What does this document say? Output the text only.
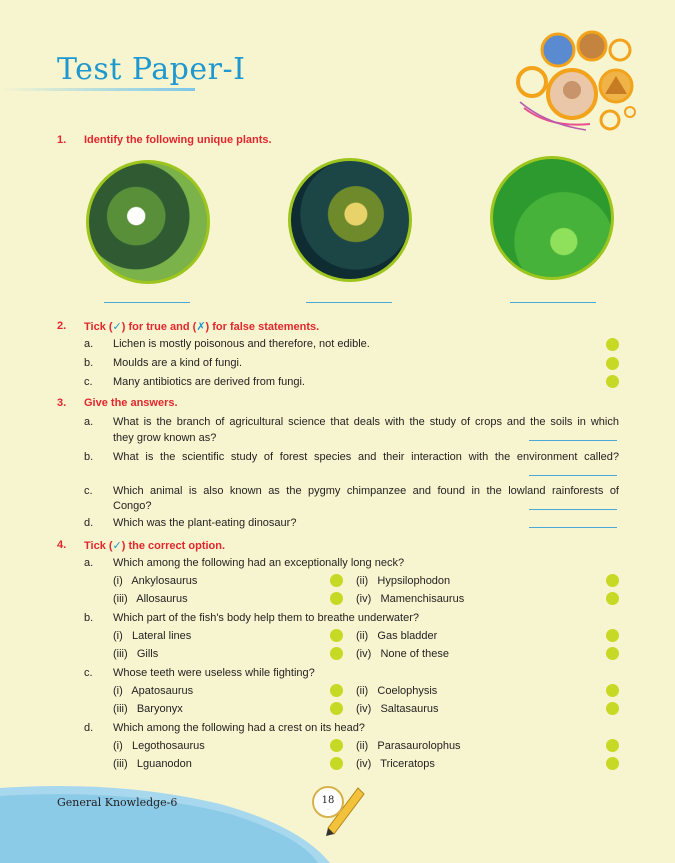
Test Paper-I
1. Identify the following unique plants.
2. Tick (✓) for true and (✗) for false statements.
a. Lichen is mostly poisonous and therefore, not edible.
b. Moulds are a kind of fungi.
c. Many antibiotics are derived from fungi.
3. Give the answers.
a. What is the branch of agricultural science that deals with the study of crops and the soils in which
they grow known as?
b. What is the scientific study of forest species and their interaction with the environment called?
c. Which animal is also known as the pygmy chimpanzee and found in the lowland rainforests of
Congo?
d. Which was the plant-eating dinosaur?
4. Tick (✓) the correct option.
a. Which among the following had an exceptionally long neck?
(i) Ankylosaurus	(ii) Hypsilophodon
(iii) Allosaurus	(iv) Mamenchisaurus
b. Which part of the fish's body help them to breathe underwater?
(i) Lateral lines	(ii) Gas bladder
(iii) Gills	(iv) None of these
c. Whose teeth were useless while fighting?
(i) Apatosaurus	(ii) Coelophysis
(iii) Baryonyx	(iv) Saltasaurus
d. Which among the following had a crest on its head?
(i) Legothosaurus	(ii) Parasaurolophus
(iii) Lguanodon	(iv) Triceratops
General Knowledge-6	18
